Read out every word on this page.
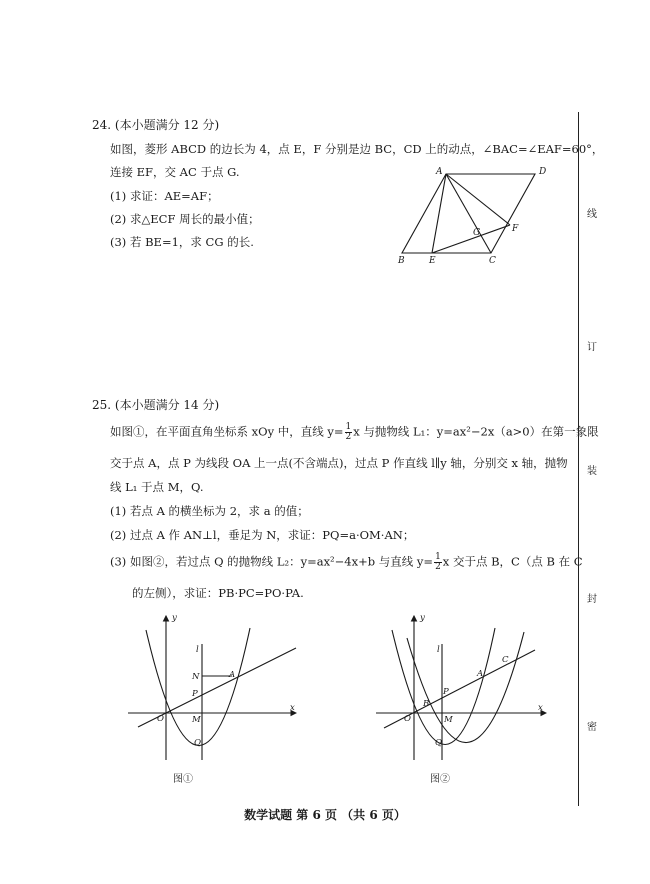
24. (本小题满分 12 分)
如图，菱形 ABCD 的边长为 4，点 E，F 分别是边 BC，CD 上的动点，∠BAC=∠EAF=60°，
连接 EF，交 AC 于点 G.
(1) 求证：AE=AF；
(2) 求△ECF 周长的最小值；
(3) 若 BE=1，求 CG 的长.
A	D
B	E	C
F
G
25. (本小题满分 14 分)
如图①，在平面直角坐标系 xOy 中，直线 $y= \frac{1}{2}$ x 与抛物线 L₁：y=ax²−2x（a>0）在第一象限
交于点 A，点 P 为线段 OA 上一点(不含端点)，过点 P 作直线 l∥y 轴，分别交 x 轴，抛物
线 L₁ 于点 M，Q.
(1) 若点 A 的横坐标为 2，求 a 的值；
(2) 过点 A 作 AN⊥l，垂足为 N，求证：PQ=a·OM·AN；
(3) 如图②，若过点 Q 的抛物线 L₂：y=ax²−4x+b 与直线 $y= \frac{1}{2}$ x 交于点 B，C（点 B 在 C
的左侧），求证：PB·PC=PO·PA.
y
x
O
l
N	A
P
M
Q
图①
y
x
O
l
B
P
M
Q
A
C
图②
线
订
装
封
密
数学试题 第 6 页 （共 6 页）
